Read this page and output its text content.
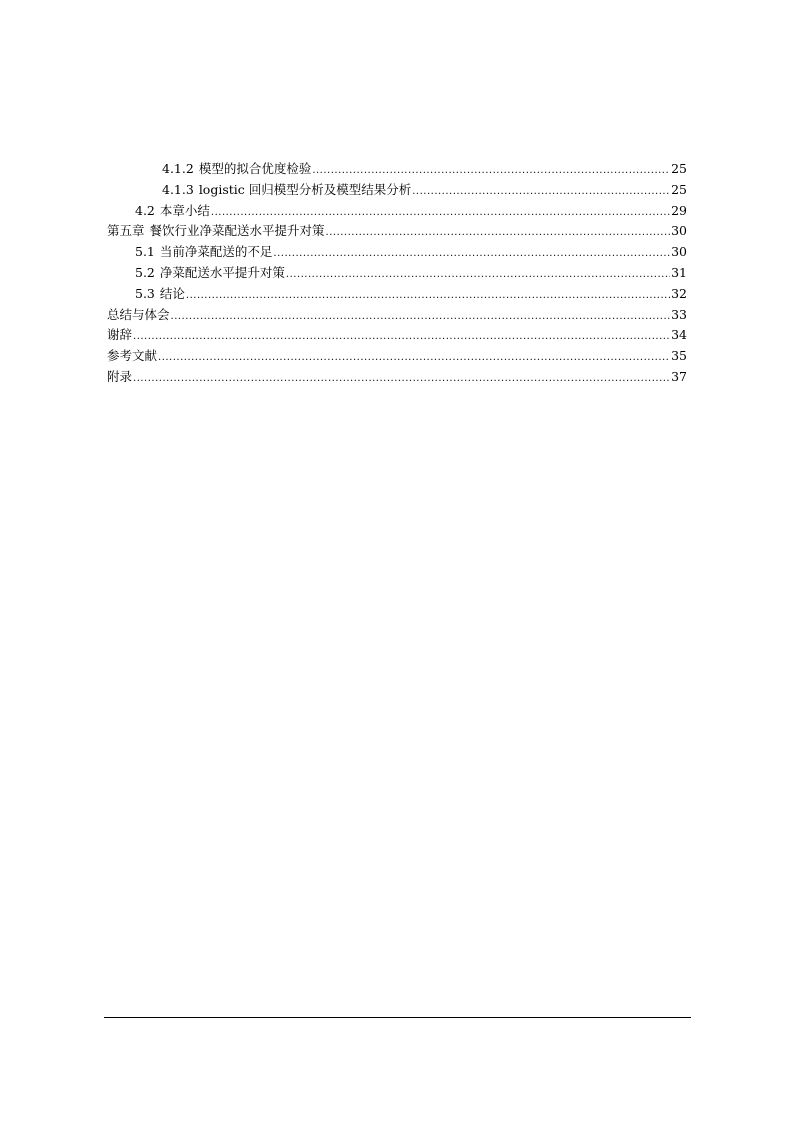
4.1.2 模型的拟合优度检验 .....	25
4.1.3 logistic 回归模型分析及模型结果分析 .....	25
4.2 本章小结 .....	29
第五章 餐饮行业净菜配送水平提升对策 .....	30
5.1 当前净菜配送的不足 .....	30
5.2 净菜配送水平提升对策 .....	31
5.3 结论 .....	32
总结与体会 .....	33
谢辞 .....	34
参考文献 .....	35
附录 .....	37
